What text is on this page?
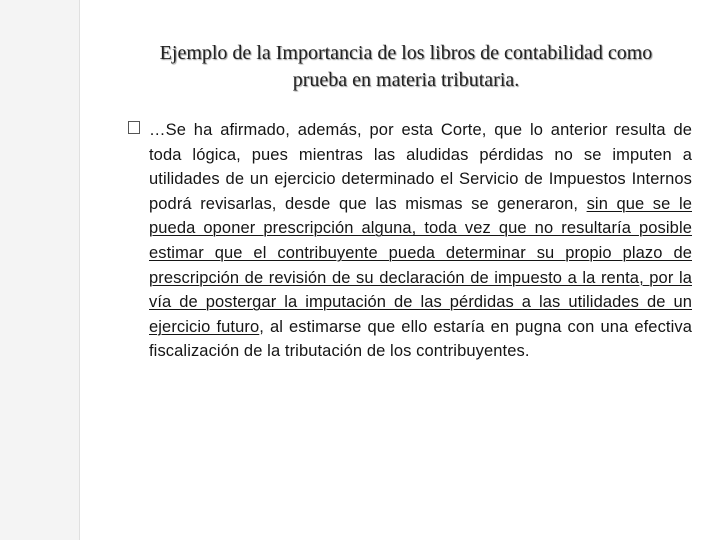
Ejemplo de la Importancia de los libros de contabilidad como
prueba en materia tributaria.

…Se ha afirmado, además, por esta Corte, que lo anterior resulta de toda lógica, pues mientras las aludidas pérdidas no se imputen a utilidades de un ejercicio determinado el Servicio de Impuestos Internos podrá revisarlas, desde que las mismas se generaron, sin que se le pueda oponer prescripción alguna, toda vez que no resultaría posible estimar que el contribuyente pueda determinar su propio plazo de prescripción de revisión de su declaración de impuesto a la renta, por la vía de postergar la imputación de las pérdidas a las utilidades de un ejercicio futuro, al estimarse que ello estaría en pugna con una efectiva fiscalización de la tributación de los contribuyentes.
